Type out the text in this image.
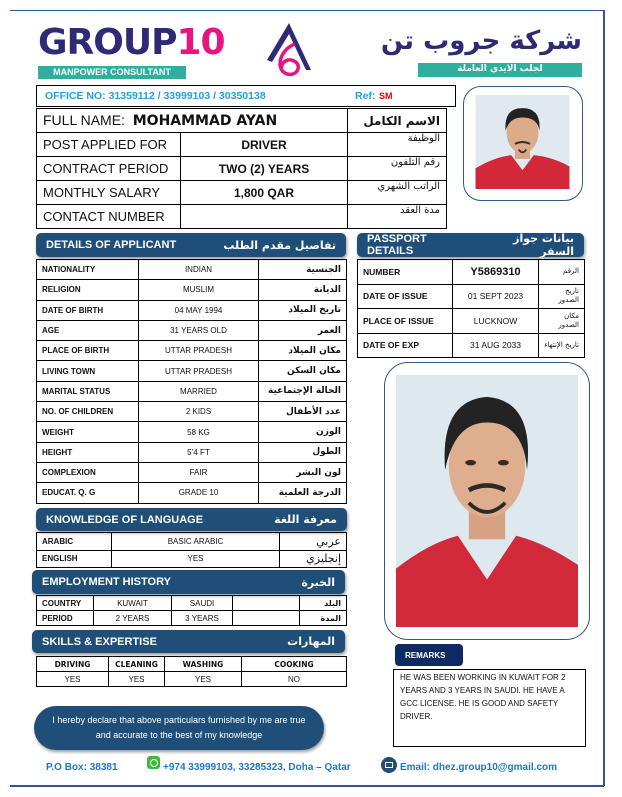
GROUP10
MANPOWER CONSULTANT
شركة جروب تن
لجلب الايدي العاملة
OFFICE NO: 31359112 / 33999103 / 30350138	Ref: SM
FULL NAME: MOHAMMAD AYAN		الاسم الكامل
POST APPLIED FOR	DRIVER	الوظيفة
CONTRACT PERIOD	TWO (2) YEARS	رقم التلفون
MONTHLY SALARY	1,800 QAR	الراتب الشهري
CONTACT NUMBER		مدة العقد
DETAILS OF APPLICANT	تفاصيل مقدم الطلب
NATIONALITY	INDIAN	الجنسية
RELIGION	MUSLIM	الديانة
DATE OF BIRTH	04 MAY 1994	تاريخ الميلاد
AGE	31 YEARS OLD	العمر
PLACE OF BIRTH	UTTAR PRADESH	مكان الميلاد
LIVING TOWN	UTTAR PRADESH	مكان السكن
MARITAL STATUS	MARRIED	الحالة الإجتماعية
NO. OF CHILDREN	2 KIDS	عدد الأطفال
WEIGHT	58 KG	الوزن
HEIGHT	5’4 FT	الطول
COMPLEXION	FAIR	لون البشر
EDUCAT. Q. G	GRADE 10	الدرجة العلمية
PASSPORT DETAILS
بيانات جواز السفر
NUMBER	Y5869310	الرقم
DATE OF ISSUE	01 SEPT 2023	تاريخ الصدور
PLACE OF ISSUE	LUCKNOW	مكان الصدور
DATE OF EXP	31 AUG 2033	تاريخ الإنتهاء
KNOWLEDGE OF LANGUAGE	معرفة اللغة
ARABIC	BASIC ARABIC	عربي
ENGLISH	YES	إنجليزي
EMPLOYMENT HISTORY	الخبرة
COUNTRY	KUWAIT	SAUDI		البلد
PERIOD	2 YEARS	3 YEARS		المدة
SKILLS & EXPERTISE	المهارات
DRIVING	CLEANING	WASHING	COOKING
YES	YES	YES	NO
REMARKS
HE WAS BEEN WORKING IN KUWAIT FOR 2 YEARS AND 3 YEARS IN SAUDI. HE HAVE A GCC LICENSE. HE IS GOOD AND SAFETY DRIVER.
I hereby declare that above particulars furnished by me are true and accurate to the best of my knowledge
P.O Box: 38381	+974 33999103, 33285323, Doha – Qatar	Email: dhez.group10@gmail.com
